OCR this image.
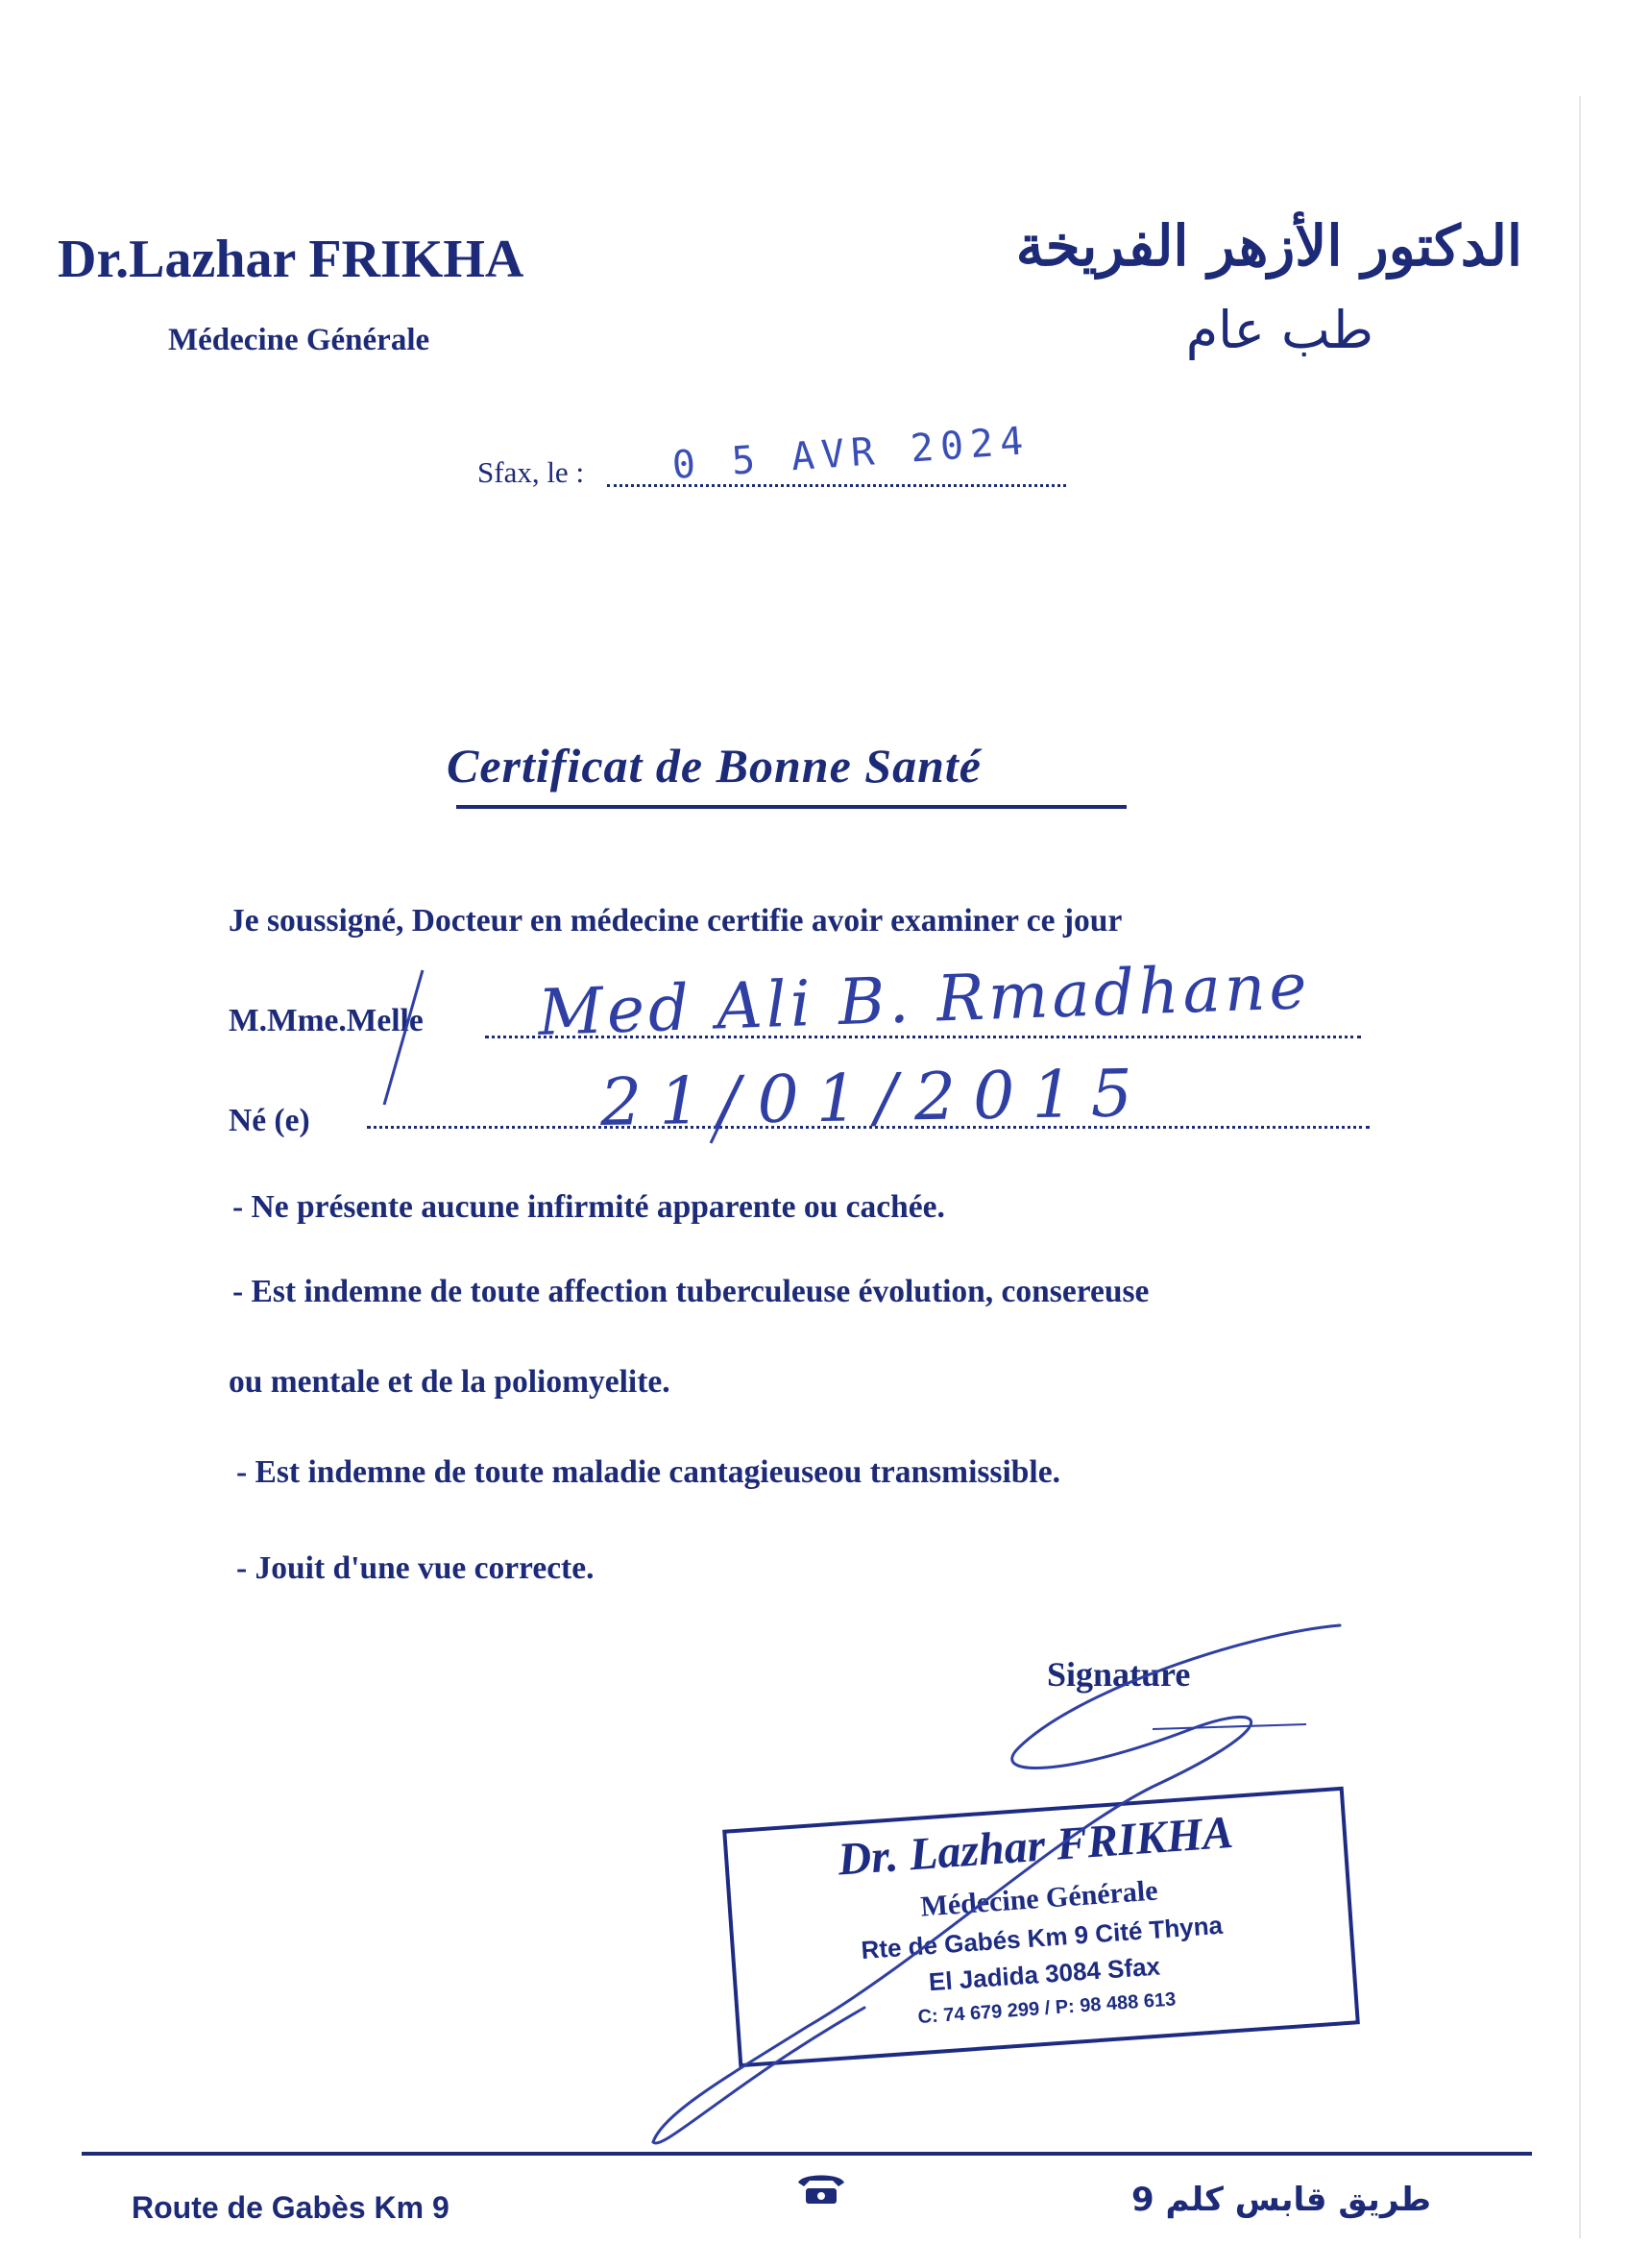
Dr.Lazhar FRIKHA
Médecine Générale
الدكتور الأزهر الفريخة
طب عام
Sfax, le : 0 5 AVR 2024
Certificat de Bonne Santé
Je soussigné, Docteur en médecine certifie avoir examiner ce jour
M.Mme.Melle Med Ali B. Rmadhane
Né (e)	21/01/2015
- Ne présente aucune infirmité apparente ou cachée.
- Est indemne de toute affection tuberculeuse évolution, consereuse
ou mentale et de la poliomyelite.
- Est indemne de toute maladie cantagieuseou transmissible.
- Jouit d'une vue correcte.
Signature
Dr. Lazhar FRIKHA
Médecine Générale
Rte de Gabés Km 9 Cité Thyna
El Jadida 3084 Sfax
C: 74 679 299 / P: 98 488 613
Route de Gabès Km 9	طريق قابس كلم 9
